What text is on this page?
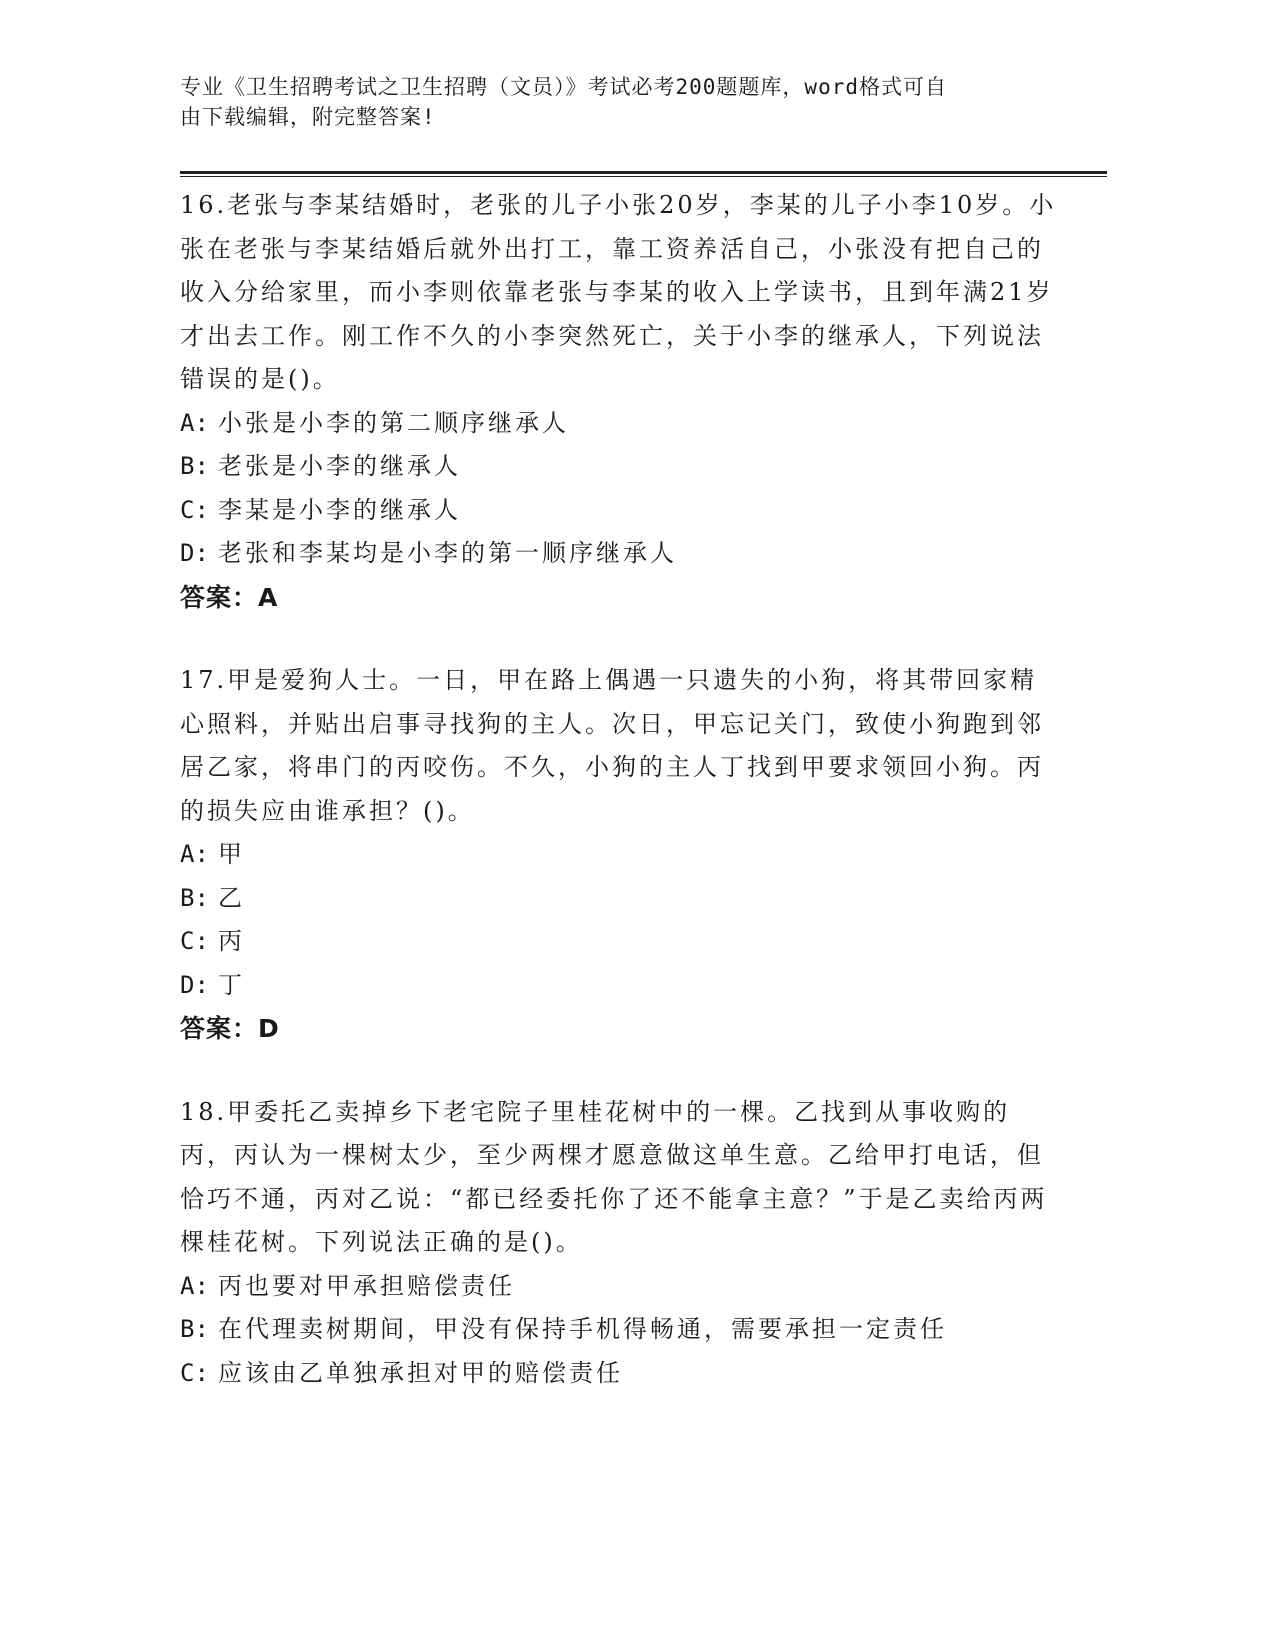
专业《卫生招聘考试之卫生招聘（文员）》考试必考200题题库，word格式可自
由下载编辑，附完整答案!

16.老张与李某结婚时，老张的儿子小张20岁，李某的儿子小李10岁。小张在老张与李某结婚后就外出打工，靠工资养活自己，小张没有把自己的收入分给家里，而小李则依靠老张与李某的收入上学读书，且到年满21岁才出去工作。刚工作不久的小李突然死亡，关于小李的继承人，下列说法错误的是()。

A: 小张是小李的第二顺序继承人
B: 老张是小李的继承人
C: 李某是小李的继承人
D: 老张和李某均是小李的第一顺序继承人
答案：A

17.甲是爱狗人士。一日，甲在路上偶遇一只遗失的小狗，将其带回家精心照料，并贴出启事寻找狗的主人。次日，甲忘记关门，致使小狗跑到邻居乙家，将串门的丙咬伤。不久，小狗的主人丁找到甲要求领回小狗。丙的损失应由谁承担？()。

A: 甲
B: 乙
C: 丙
D: 丁
答案：D

18.甲委托乙卖掉乡下老宅院子里桂花树中的一棵。乙找到从事收购的丙，丙认为一棵树太少，至少两棵才愿意做这单生意。乙给甲打电话，但恰巧不通，丙对乙说：“都已经委托你了还不能拿主意？”于是乙卖给丙两棵桂花树。下列说法正确的是()。

A: 丙也要对甲承担赔偿责任
B: 在代理卖树期间，甲没有保持手机得畅通，需要承担一定责任
C: 应该由乙单独承担对甲的赔偿责任
